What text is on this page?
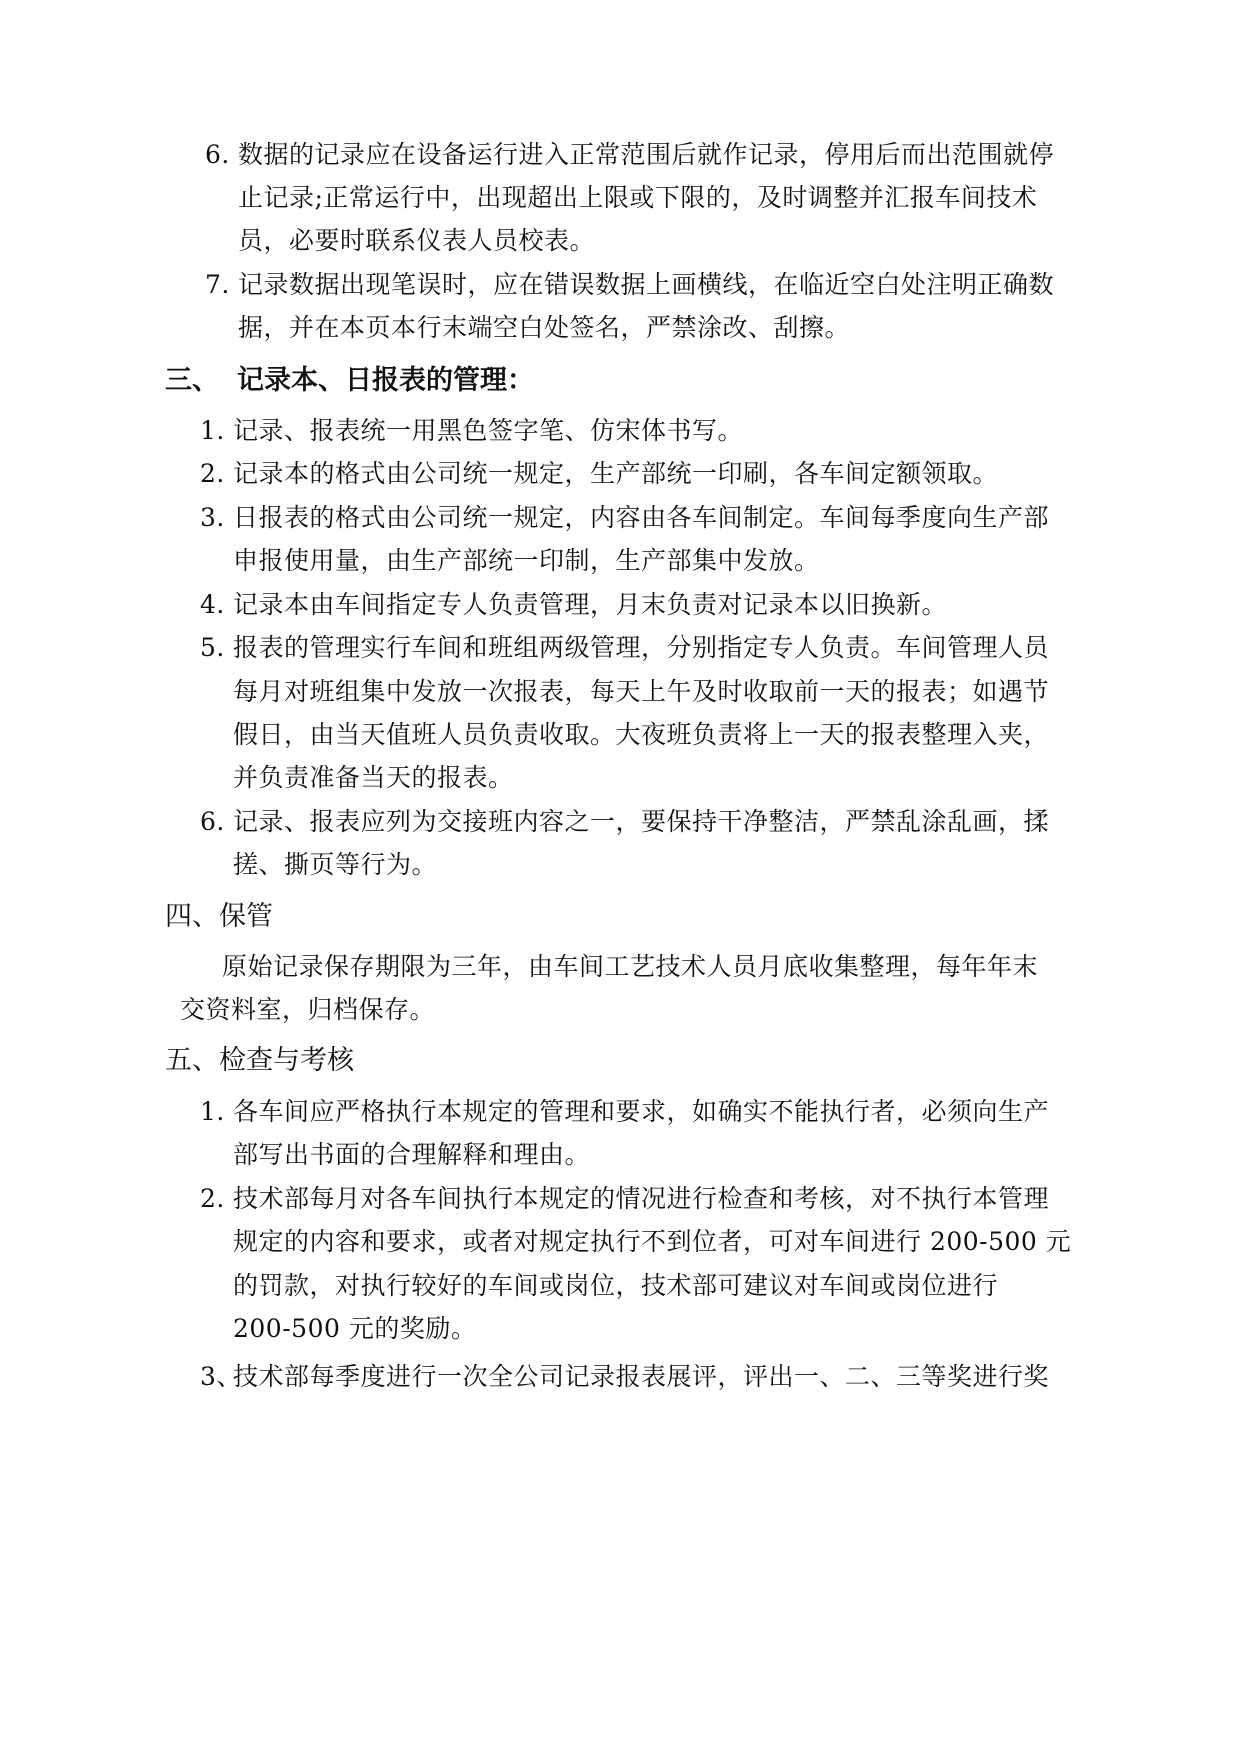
6. 数据的记录应在设备运行进入正常范围后就作记录，停用后而出范围就停
止记录;正常运行中，出现超出上限或下限的，及时调整并汇报车间技术
员，必要时联系仪表人员校表。
7. 记录数据出现笔误时，应在错误数据上画横线，在临近空白处注明正确数
据，并在本页本行末端空白处签名，严禁涂改、刮擦。
三、 记录本、日报表的管理：
1. 记录、报表统一用黑色签字笔、仿宋体书写。
2. 记录本的格式由公司统一规定，生产部统一印刷，各车间定额领取。
3. 日报表的格式由公司统一规定，内容由各车间制定。车间每季度向生产部
申报使用量，由生产部统一印制，生产部集中发放。
4. 记录本由车间指定专人负责管理，月末负责对记录本以旧换新。
5. 报表的管理实行车间和班组两级管理，分别指定专人负责。车间管理人员
每月对班组集中发放一次报表，每天上午及时收取前一天的报表；如遇节
假日，由当天值班人员负责收取。大夜班负责将上一天的报表整理入夹，
并负责准备当天的报表。
6. 记录、报表应列为交接班内容之一，要保持干净整洁，严禁乱涂乱画，揉
搓、撕页等行为。
四、保管
原始记录保存期限为三年，由车间工艺技术人员月底收集整理，每年年末
交资料室，归档保存。
五、检查与考核
1. 各车间应严格执行本规定的管理和要求，如确实不能执行者，必须向生产
部写出书面的合理解释和理由。
2. 技术部每月对各车间执行本规定的情况进行检查和考核，对不执行本管理
规定的内容和要求，或者对规定执行不到位者，可对车间进行 200-500 元
的罚款，对执行较好的车间或岗位，技术部可建议对车间或岗位进行
200-500 元的奖励。
3、
技术部每季度进行一次全公司记录报表展评，评出一、二、三等奖进行奖
